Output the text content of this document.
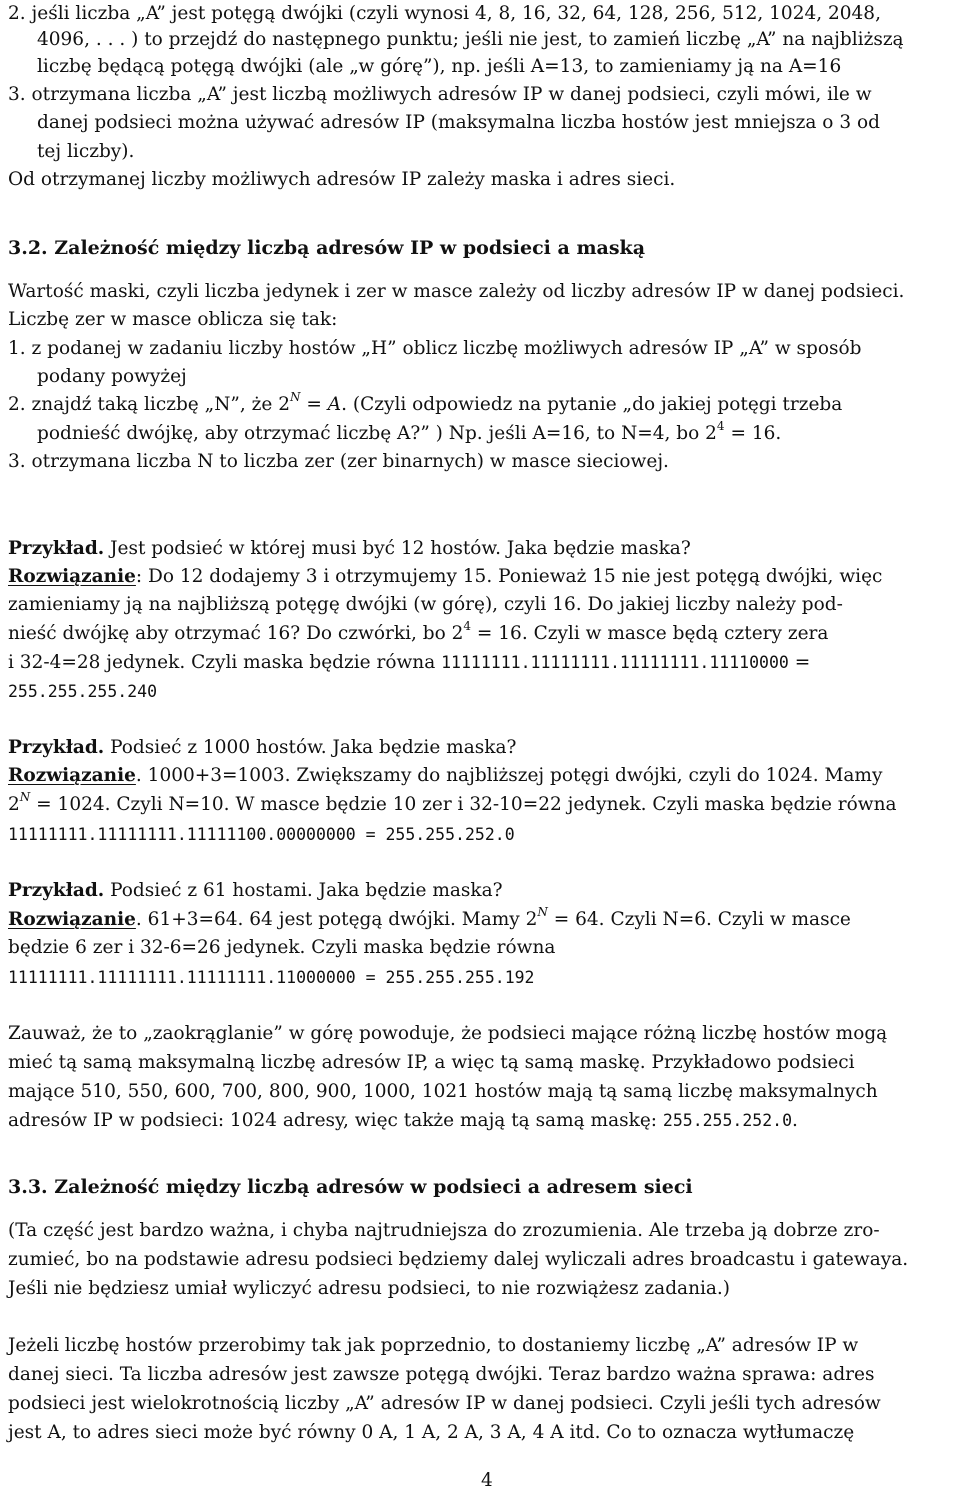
2. jeśli liczba „A” jest potęgą dwójki (czyli wynosi 4, 8, 16, 32, 64, 128, 256, 512, 1024, 2048,
4096, . . . ) to przejdź do następnego punktu; jeśli nie jest, to zamień liczbę „A” na najbliższą
liczbę będącą potęgą dwójki (ale „w górę”), np. jeśli A=13, to zamieniamy ją na A=16
3. otrzymana liczba „A” jest liczbą możliwych adresów IP w danej podsieci, czyli mówi, ile w
danej podsieci można używać adresów IP (maksymalna liczba hostów jest mniejsza o 3 od
tej liczby).
Od otrzymanej liczby możliwych adresów IP zależy maska i adres sieci.
3.2. Zależność między liczbą adresów IP w podsieci a maską
Wartość maski, czyli liczba jedynek i zer w masce zależy od liczby adresów IP w danej podsieci.
Liczbę zer w masce oblicza się tak:
1. z podanej w zadaniu liczby hostów „H” oblicz liczbę możliwych adresów IP „A” w sposób
podany powyżej
2. znajdź taką liczbę „N”, że $2^N = A$. (Czyli odpowiedz na pytanie „do jakiej potęgi trzeba
podnieść dwójkę, aby otrzymać liczbę A?” ) Np. jeśli A=16, to N=4, bo $2^4 = 16$.
3. otrzymana liczba N to liczba zer (zer binarnych) w masce sieciowej.
Przykład. Jest podsieć w której musi być 12 hostów. Jaka będzie maska?
Rozwiązanie: Do 12 dodajemy 3 i otrzymujemy 15. Ponieważ 15 nie jest potęgą dwójki, więc
zamieniamy ją na najbliższą potęgę dwójki (w górę), czyli 16. Do jakiej liczby należy pod-
nieść dwójkę aby otrzymać 16? Do czwórki, bo $2^4 = 16$. Czyli w masce będą cztery zera
i 32-4=28 jedynek. Czyli maska będzie równa 11111111.11111111.11111111.11110000 =
255.255.255.240
Przykład. Podsieć z 1000 hostów. Jaka będzie maska?
Rozwiązanie. 1000+3=1003. Zwiększamy do najbliższej potęgi dwójki, czyli do 1024. Mamy
$2^N = 1024$. Czyli N=10. W masce będzie 10 zer i 32-10=22 jedynek. Czyli maska będzie równa
11111111.11111111.11111100.00000000 = 255.255.252.0
Przykład. Podsieć z 61 hostami. Jaka będzie maska?
Rozwiązanie. 61+3=64. 64 jest potęgą dwójki. Mamy $2^N = 64$. Czyli N=6. Czyli w masce
będzie 6 zer i 32-6=26 jedynek. Czyli maska będzie równa
11111111.11111111.11111111.11000000 = 255.255.255.192
Zauważ, że to „zaokrąglanie” w górę powoduje, że podsieci mające różną liczbę hostów mogą
mieć tą samą maksymalną liczbę adresów IP, a więc tą samą maskę. Przykładowo podsieci
mające 510, 550, 600, 700, 800, 900, 1000, 1021 hostów mają tą samą liczbę maksymalnych
adresów IP w podsieci: 1024 adresy, więc także mają tą samą maskę: 255.255.252.0.
3.3. Zależność między liczbą adresów w podsieci a adresem sieci
(Ta część jest bardzo ważna, i chyba najtrudniejsza do zrozumienia. Ale trzeba ją dobrze zro-
zumieć, bo na podstawie adresu podsieci będziemy dalej wyliczali adres broadcastu i gatewaya.
Jeśli nie będziesz umiał wyliczyć adresu podsieci, to nie rozwiążesz zadania.)
Jeżeli liczbę hostów przerobimy tak jak poprzednio, to dostaniemy liczbę „A” adresów IP w
danej sieci. Ta liczba adresów jest zawsze potęgą dwójki. Teraz bardzo ważna sprawa: adres
podsieci jest wielokrotnością liczby „A” adresów IP w danej podsieci. Czyli jeśli tych adresów
jest A, to adres sieci może być równy 0 A, 1 A, 2 A, 3 A, 4 A itd. Co to oznacza wytłumaczę
4
